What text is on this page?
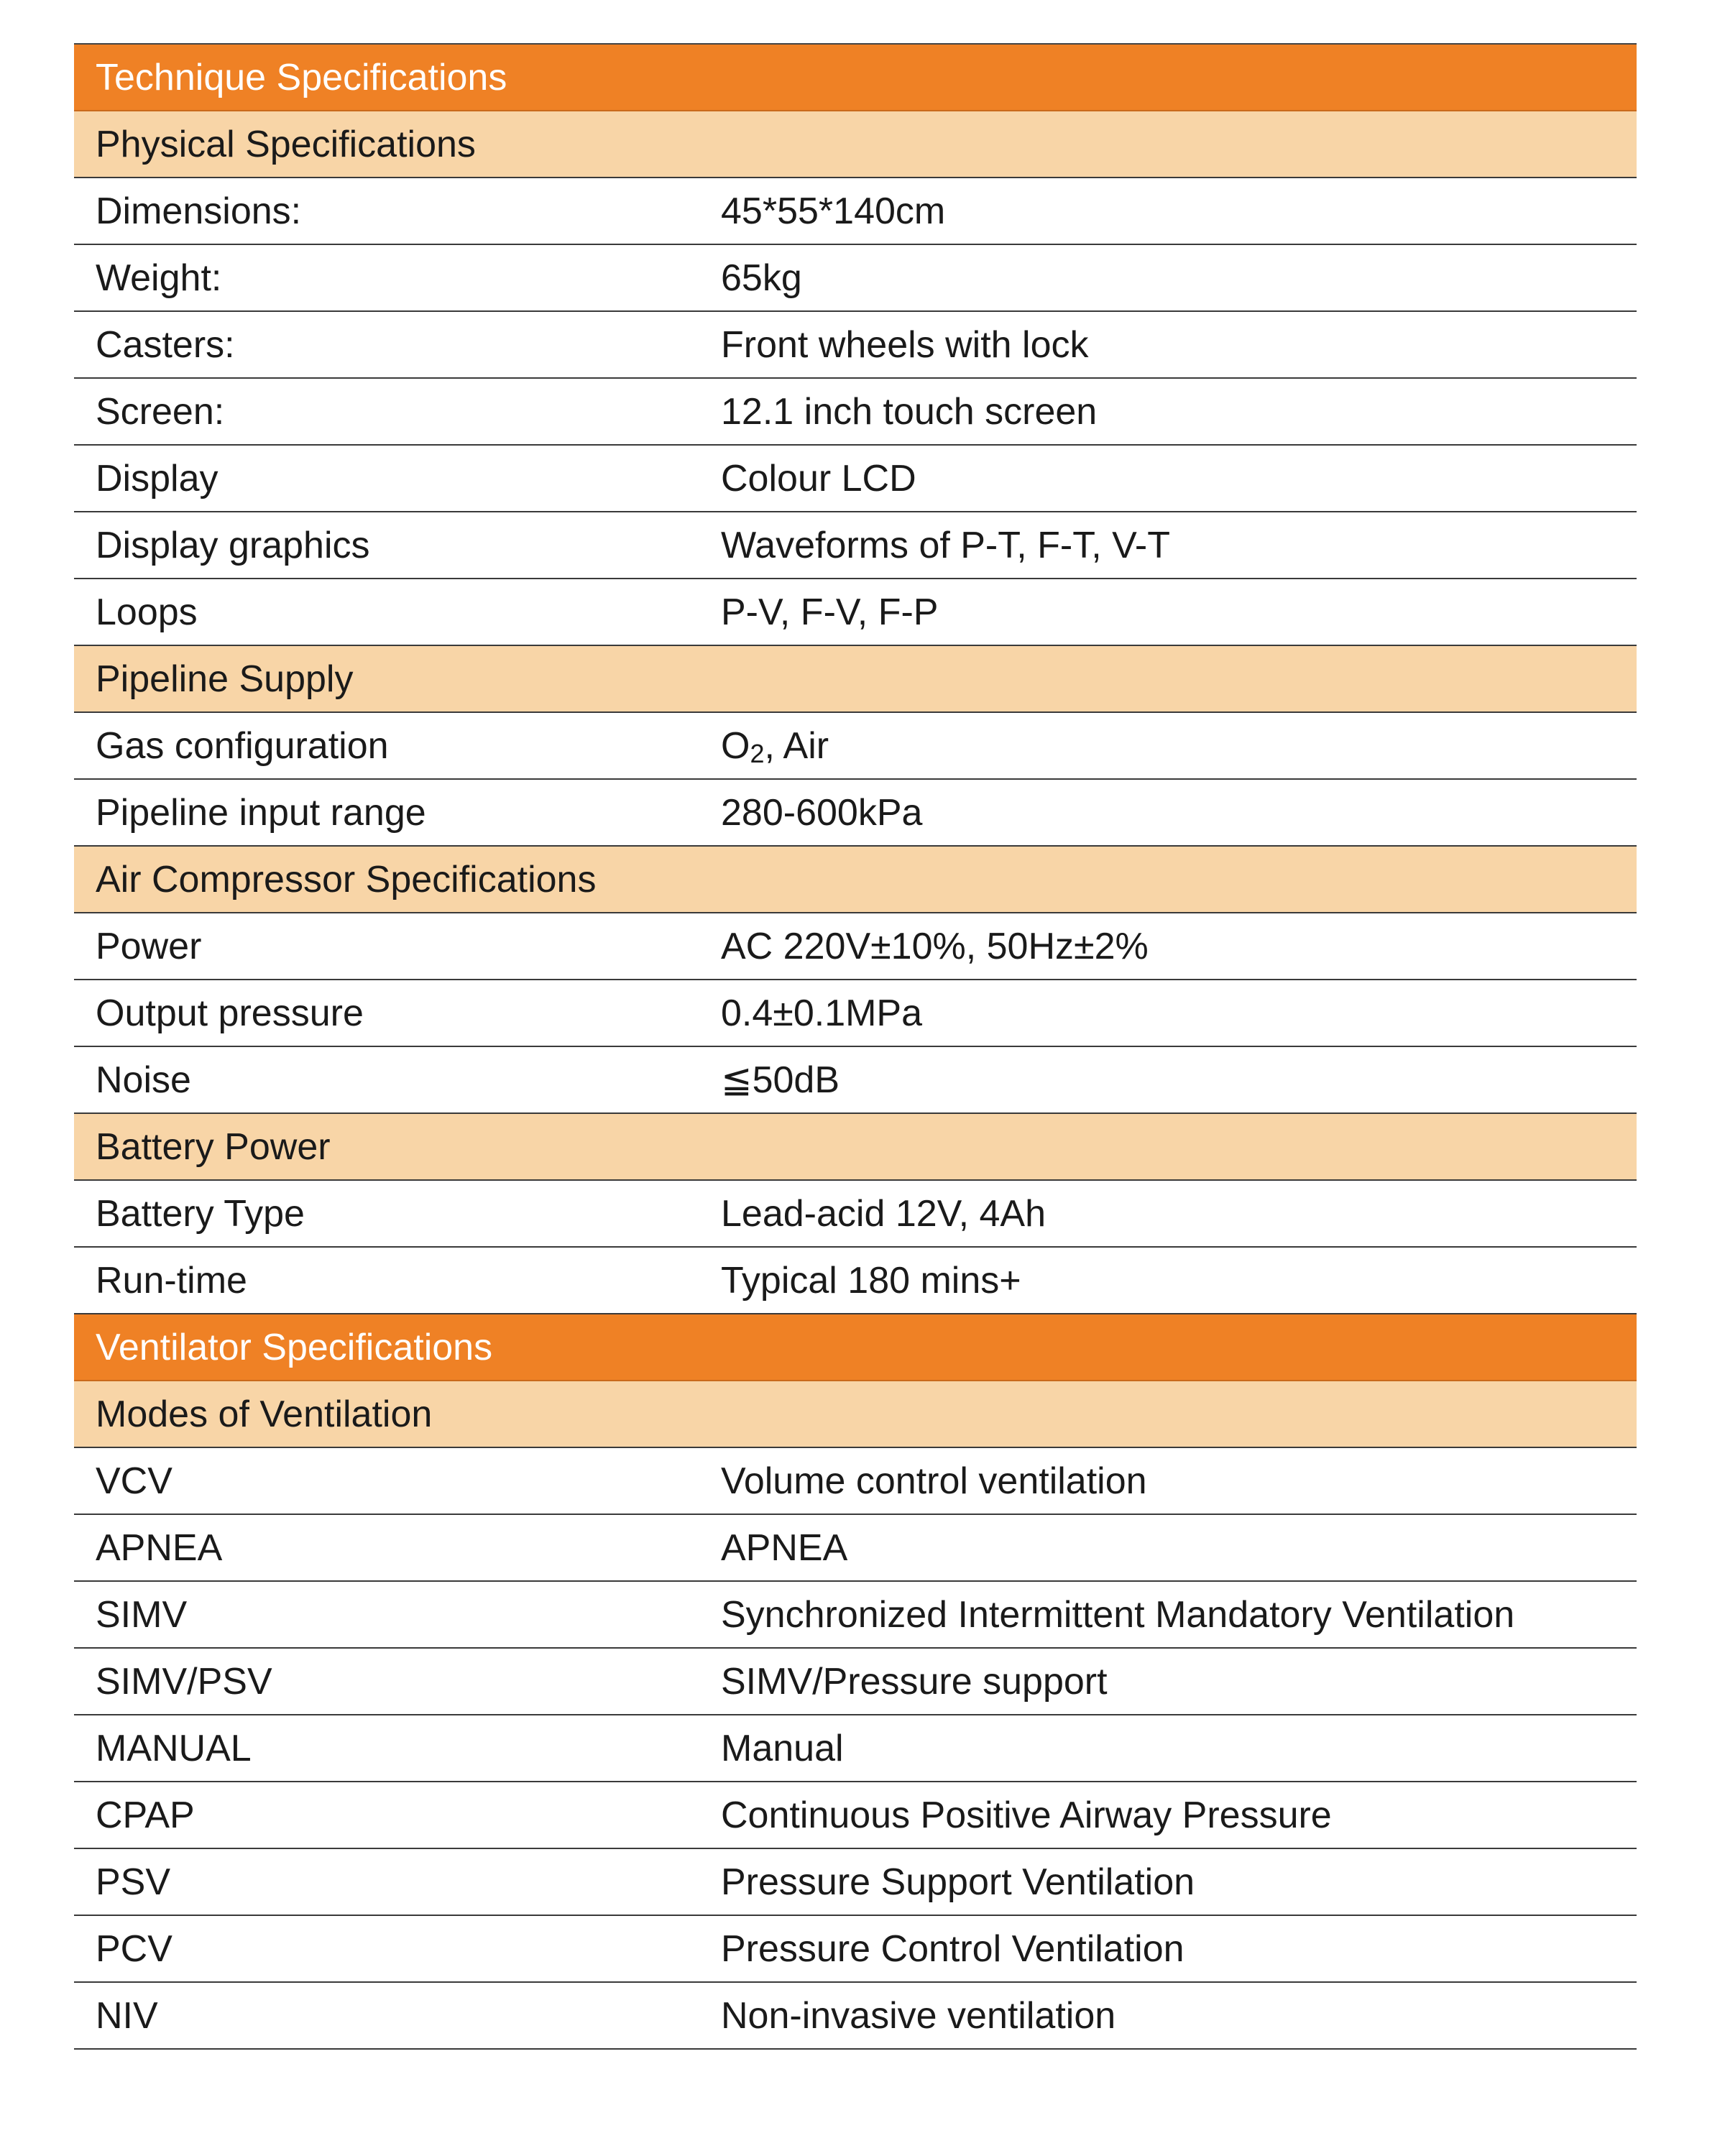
Technique Specifications
Physical Specifications
Dimensions:	45*55*140cm
Weight:	65kg
Casters:	Front wheels with lock
Screen:	12.1 inch touch screen
Display	Colour LCD
Display graphics	Waveforms of P-T, F-T, V-T
Loops	P-V, F-V, F-P
Pipeline Supply
Gas configuration	$O_2$, Air
Pipeline input range	280-600kPa
Air Compressor Specifications
Power	AC 220V±10%, 50Hz±2%
Output pressure	0.4±0.1MPa
Noise	≦50dB
Battery Power
Battery Type	Lead-acid 12V, 4Ah
Run-time	Typical 180 mins+
Ventilator Specifications
Modes of Ventilation
VCV	Volume control ventilation
APNEA	APNEA
SIMV	Synchronized Intermittent Mandatory Ventilation
SIMV/PSV	SIMV/Pressure support
MANUAL	Manual
CPAP	Continuous Positive Airway Pressure
PSV	Pressure Support Ventilation
PCV	Pressure Control Ventilation
NIV	Non-invasive ventilation
